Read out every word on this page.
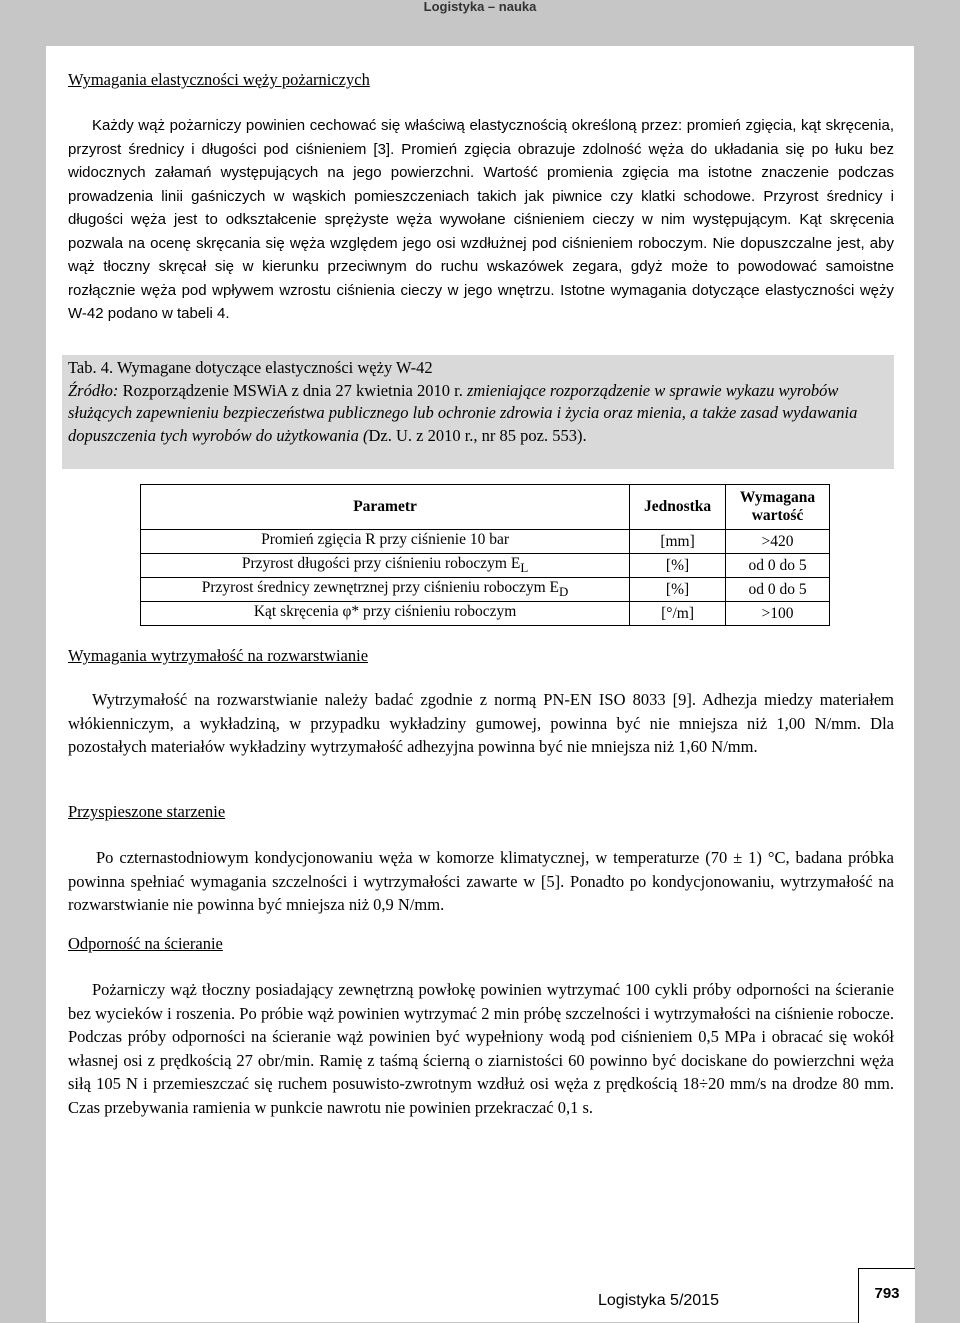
Logistyka – nauka
Wymagania elastyczności węży pożarniczych

Każdy wąż pożarniczy powinien cechować się właściwą elastycznością określoną przez: promień zgięcia, kąt skręcenia, przyrost średnicy i długości pod ciśnieniem [3]. Promień zgięcia obrazuje zdolność węża do układania się po łuku bez widocznych załamań występujących na jego powierzchni. Wartość promienia zgięcia ma istotne znaczenie podczas prowadzenia linii gaśniczych w wąskich pomieszczeniach takich jak piwnice czy klatki schodowe. Przyrost średnicy i długości węża jest to odkształcenie sprężyste węża wywołane ciśnieniem cieczy w nim występującym. Kąt skręcenia pozwala na ocenę skręcania się węża względem jego osi wzdłużnej pod ciśnieniem roboczym. Nie dopuszczalne jest, aby wąż tłoczny skręcał się w kierunku przeciwnym do ruchu wskazówek zegara, gdyż może to powodować samoistne rozłącznie węża pod wpływem wzrostu ciśnienia cieczy w jego wnętrzu. Istotne wymagania dotyczące elastyczności węży W-42 podano w tabeli 4.

Tab. 4. Wymagane dotyczące elastyczności węży W-42
Źródło: Rozporządzenie MSWiA z dnia 27 kwietnia 2010 r. zmieniające rozporządzenie w sprawie wykazu wyrobów służących zapewnieniu bezpieczeństwa publicznego lub ochronie zdrowia i życia oraz mienia, a także zasad wydawania dopuszczenia tych wyrobów do użytkowania (Dz. U. z 2010 r., nr 85 poz. 553).

Parametr	Jednostka	Wymagana wartość
Promień zgięcia R przy ciśnienie 10 bar	[mm]	>420
Przyrost długości przy ciśnieniu roboczym $E_L$	[%]	od 0 do 5
Przyrost średnicy zewnętrznej przy ciśnieniu roboczym $E_D$	[%]	od 0 do 5
Kąt skręcenia φ* przy ciśnieniu roboczym	[°/m]	>100
Wymagania wytrzymałość na rozwarstwianie

Wytrzymałość na rozwarstwianie należy badać zgodnie z normą PN-EN ISO 8033 [9]. Adhezja miedzy materiałem włókienniczym, a wykładziną, w przypadku wykładziny gumowej, powinna być nie mniejsza niż 1,00 N/mm. Dla pozostałych materiałów wykładziny wytrzymałość adhezyjna powinna być nie mniejsza niż 1,60 N/mm.

Przyspieszone starzenie

Po czternastodniowym kondycjonowaniu węża w komorze klimatycznej, w temperaturze (70 ± 1) °C, badana próbka powinna spełniać wymagania szczelności i wytrzymałości zawarte w [5]. Ponadto po kondycjonowaniu, wytrzymałość na rozwarstwianie nie powinna być mniejsza niż 0,9 N/mm.

Odporność na ścieranie

Pożarniczy wąż tłoczny posiadający zewnętrzną powłokę powinien wytrzymać 100 cykli próby odporności na ścieranie bez wycieków i roszenia. Po próbie wąż powinien wytrzymać 2 min próbę szczelności i wytrzymałości na ciśnienie robocze. Podczas próby odporności na ścieranie wąż powinien być wypełniony wodą pod ciśnieniem 0,5 MPa i obracać się wokół własnej osi z prędkością 27 obr/min. Ramię z taśmą ścierną o ziarnistości 60 powinno być dociskane do powierzchni węża siłą 105 N i przemieszczać się ruchem posuwisto-zwrotnym wzdłuż osi węża z prędkością 18÷20 mm/s na drodze 80 mm. Czas przebywania ramienia w punkcie nawrotu nie powinien przekraczać 0,1 s.

Logistyka 5/2015	793
